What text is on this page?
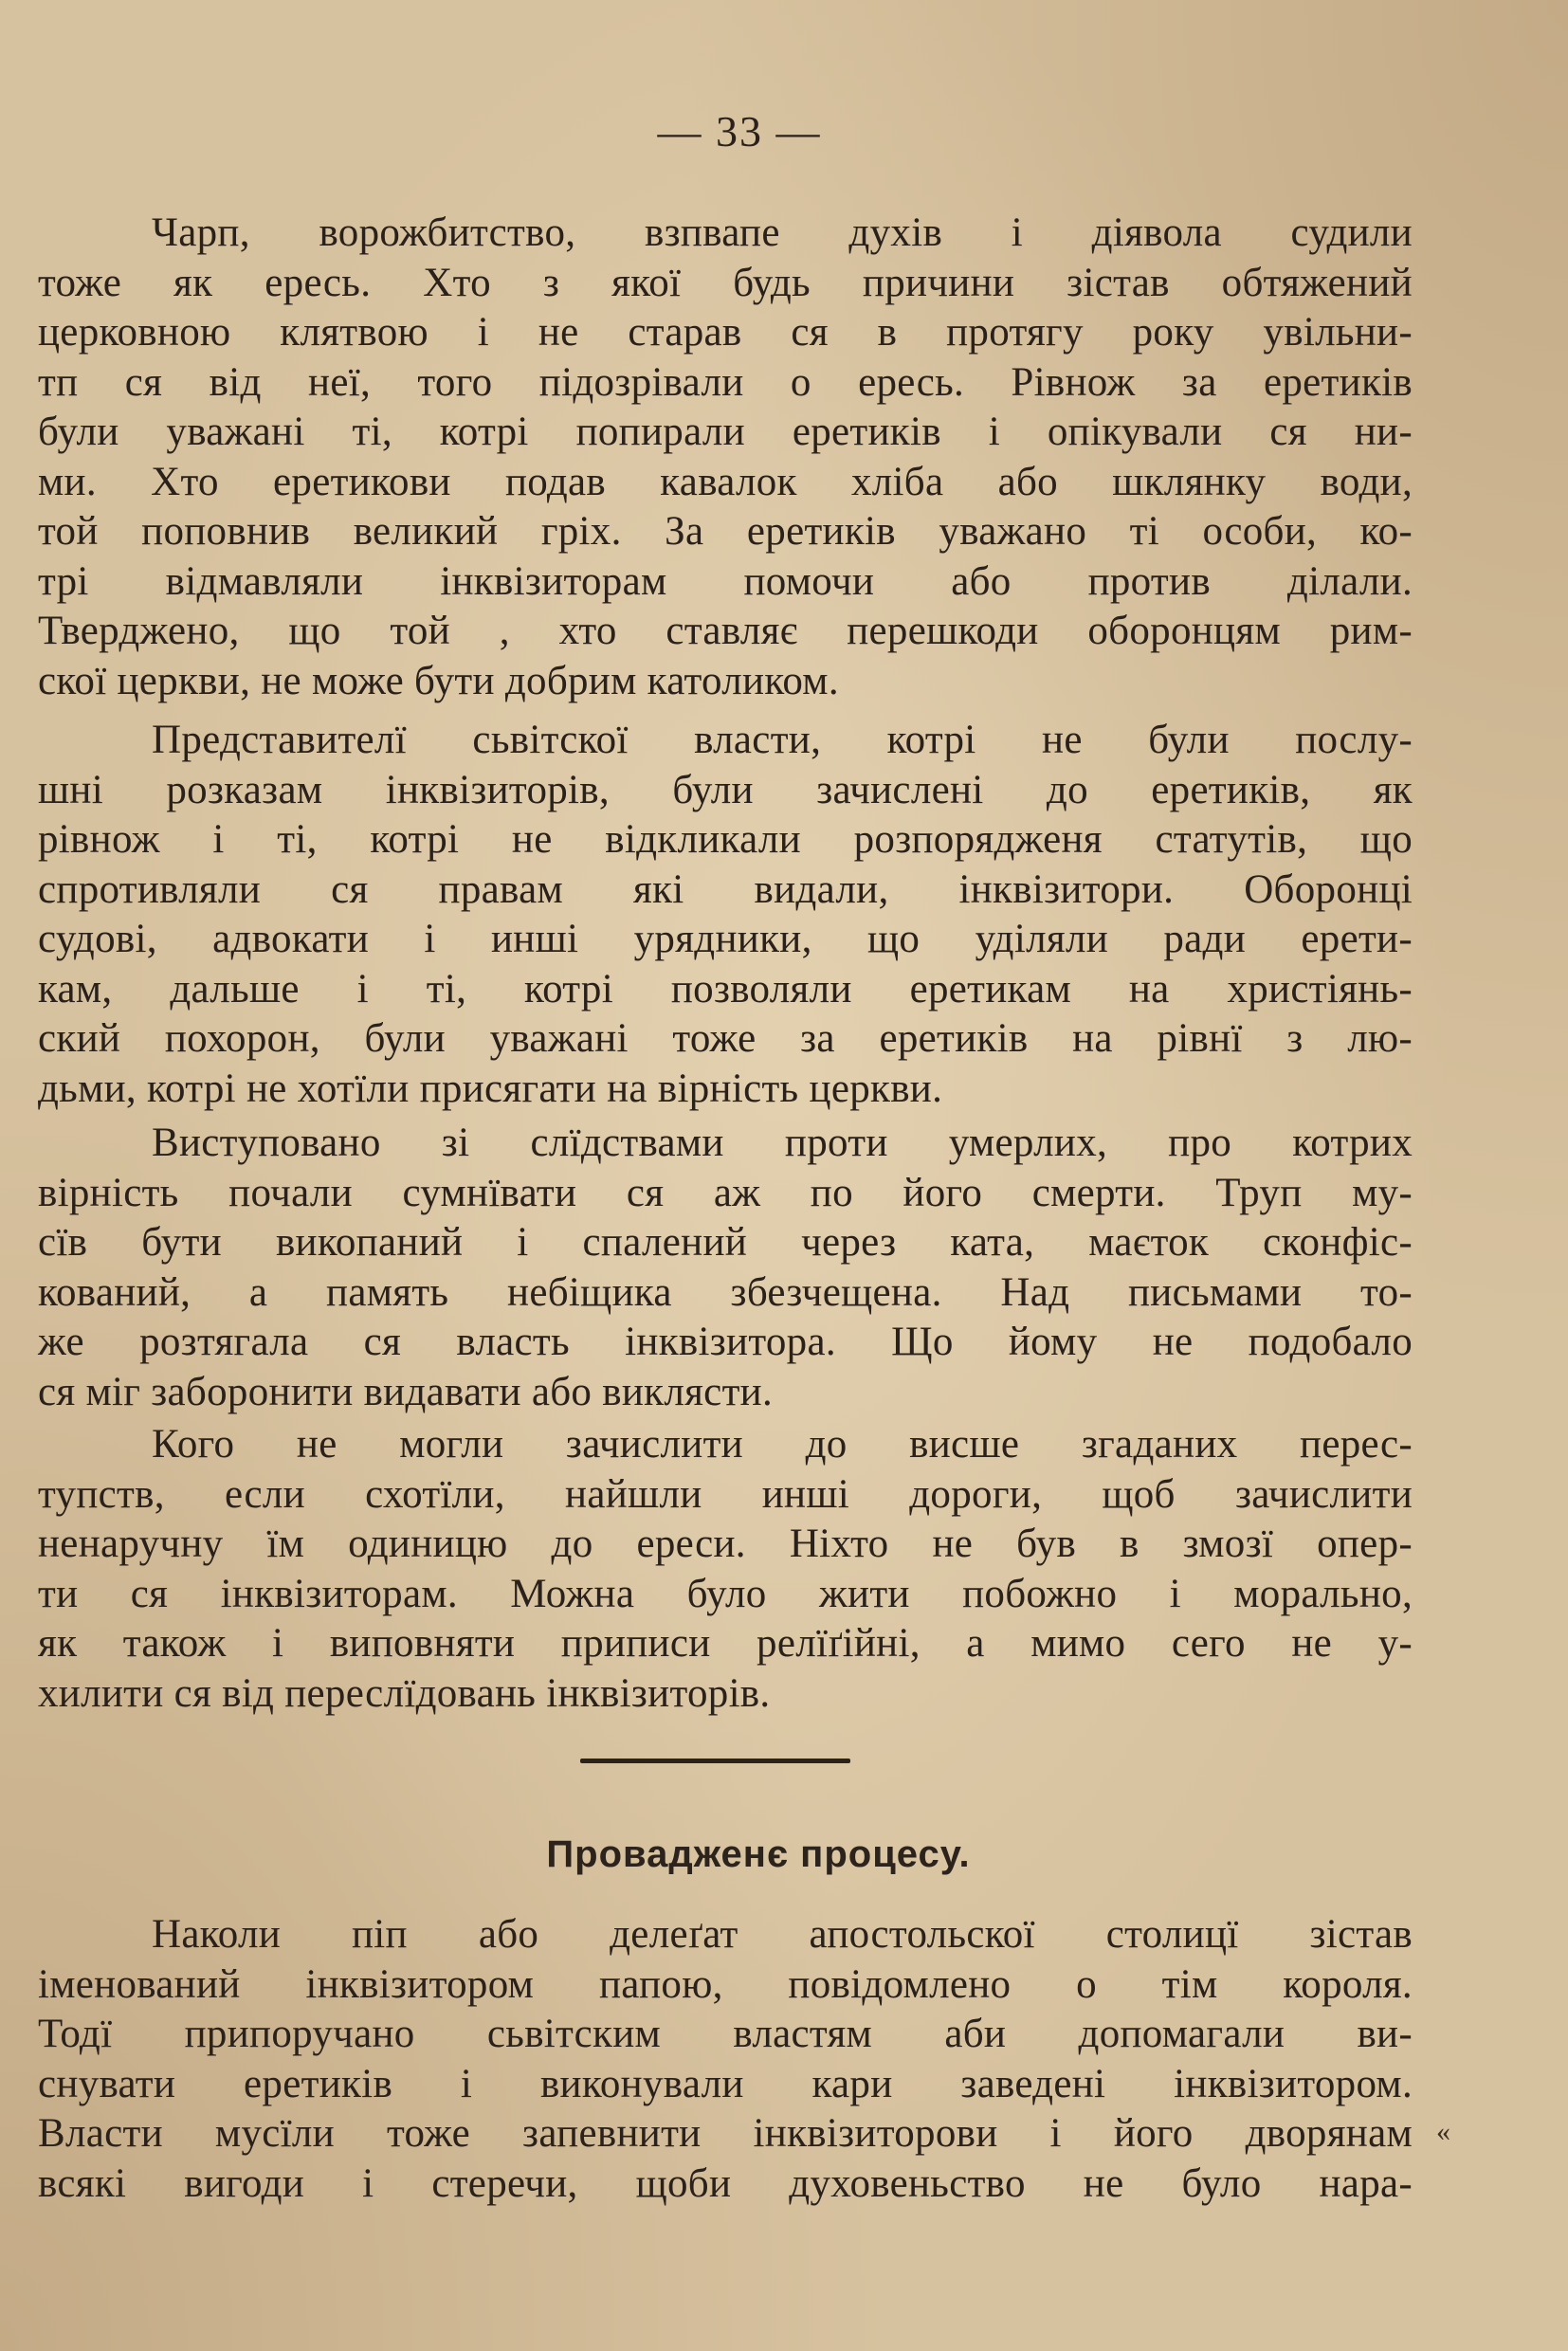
— 33 —
Чарп, ворожбитство, взпвапе духів і діявола судили
тоже як ересь. Хто з якої будь причини зістав обтяжений
церковною клятвою і не старав ся в протягу року увільни-
тп ся від неї, того підозрівали о ересь. Рівнож за еретиків
були уважані ті, котрі попирали еретиків і опікували ся ни-
ми. Хто еретикови подав кавалок хліба або шклянку води,
той поповнив великий гріх. За еретиків уважано ті особи, ко-
трі відмавляли інквізиторам помочи або против ділали.
Тверджено, що той , хто ставляє перешкоди оборонцям рим-
скої церкви, не може бути добрим католиком.
Представителї сьвітскої власти, котрі не були послу-
шні розказам інквізиторів, були зачислені до еретиків, як
рівнож і ті, котрі не відкликали розпорядженя статутів, що
спротивляли ся правам які видали, інквізитори. Оборонці
судові, адвокати і инші урядники, що уділяли ради ерети-
кам, дальше і ті, котрі позволяли еретикам на христіянь-
ский похорон, були уважані тоже за еретиків на рівнї з лю-
дьми, котрі не хотїли присягати на вірність церкви.
Виступовано зі слїдствами проти умерлих, про котрих
вірність почали сумнївати ся аж по його смерти. Труп му-
сїв бути викопаний і спалений через ката, маєток сконфіс-
кований, а память небіщика збезчещена. Над письмами то-
же розтягала ся власть інквізитора. Що йому не подобало
ся міг заборонити видавати або виклясти.
Кого не могли зачислити до висше згаданих перес-
тупств, если схотїли, найшли инші дороги, щоб зачислити
ненаручну їм одиницю до ереси. Ніхто не був в змозї опер-
ти ся інквізиторам. Можна було жити побожно і морально,
як також і виповняти приписи релїґійні, а мимо сего не у-
хилити ся від переслїдовань інквізиторів.
Провадженє процесу.
Наколи піп або делеґат апостольскої столицї зістав
іменований інквізитором папою, повідомлено о тім короля.
Тодї припоручано сьвітским властям аби допомагали ви-
снувати еретиків і виконували кари заведені інквізитором.
Власти мусїли тоже запевнити інквізиторови і його дворянам
всякі вигоди і стеречи, щоби духовеньство не було нара-
«
